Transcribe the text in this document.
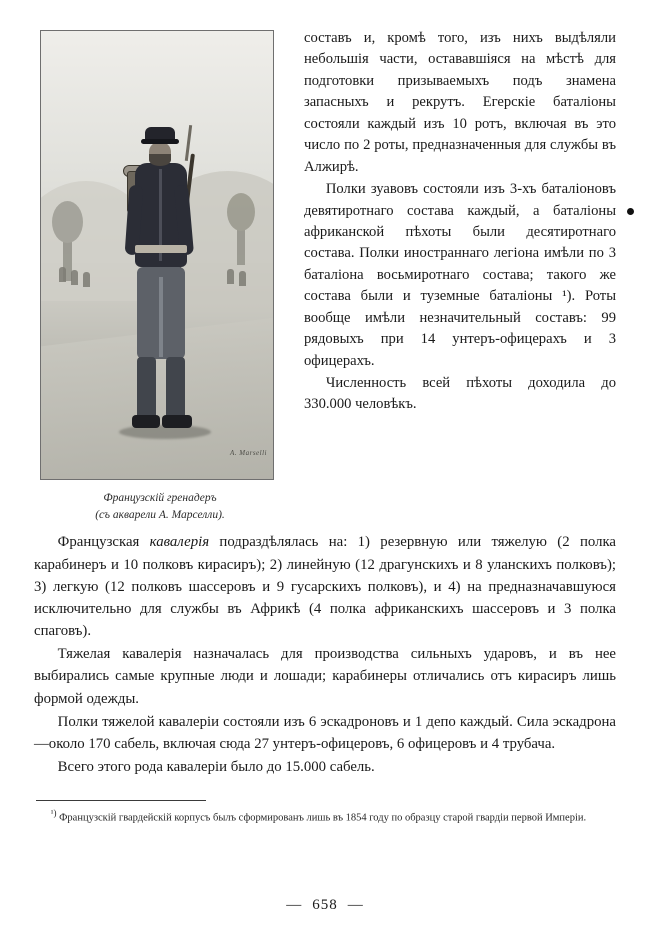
A. Marselli
Французскiй гренадеръ
(съ акварели А. Марселли).

составъ и, кромѣ того, изъ нихъ выдѣляли небольшiя части, остававшiяся на мѣстѣ для подготовки призываемыхъ подъ знамена запасныхъ и рекрутъ. Егерскiе баталiоны состояли каждый изъ 10 ротъ, включая въ это число по 2 роты, предназначенныя для службы въ Алжирѣ.

Полки зуавовъ состояли изъ 3-хъ баталiоновъ девятиротнаго состава каждый, а баталiоны африканской пѣхоты были десятиротнаго состава. Полки иностраннаго легiона имѣли по 3 баталiона восьмиротнаго состава; такого же состава были и туземные баталiоны ¹). Роты вообще имѣли незначительный составъ: 99 рядовыхъ при 14 унтеръ-офицерахъ и 3 офицерахъ.

Численность всей пѣхоты доходила до 330.000 человѣкъ.

Французская кавалерiя подраздѣлялась на: 1) резервную или тяжелую (2 полка карабинеръ и 10 полковъ кирасиръ); 2) линейную (12 драгунскихъ и 8 уланскихъ полковъ); 3) легкую (12 полковъ шассеровъ и 9 гусарскихъ полковъ), и 4) на предназначавшуюся исключительно для службы въ Африкѣ (4 полка африканскихъ шассеровъ и 3 полка спаговъ).

Тяжелая кавалерiя назначалась для производства сильныхъ ударовъ, и въ нее выбирались самые крупные люди и лошади; карабинеры отличались отъ кирасиръ лишь формой одежды.

Полки тяжелой кавалерiи состояли изъ 6 эскадроновъ и 1 депо каждый. Сила эскадрона—около 170 сабель, включая сюда 27 унтеръ-офицеровъ, 6 офицеровъ и 4 трубача.

Всего этого рода кавалерiи было до 15.000 сабель.

$^{^1)}$ Французскiй гвардейскiй корпусъ былъ сформированъ лишь въ 1854 году по образцу старой гвардiи первой Имперiи.

— 658 —
